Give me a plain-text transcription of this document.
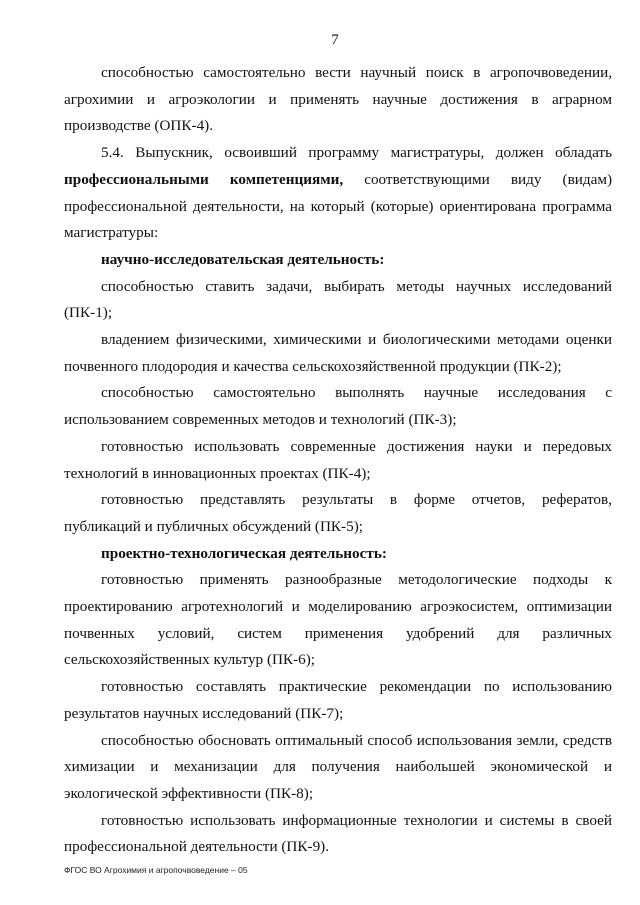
7

способностью самостоятельно вести научный поиск в агропочвоведении, агрохимии и агроэкологии и применять научные достижения в аграрном производстве (ОПК-4).

5.4. Выпускник, освоивший программу магистратуры, должен обладать профессиональными компетенциями, соответствующими виду (видам) профессиональной деятельности, на который (которые) ориентирована программа магистратуры:

научно-исследовательская деятельность:

способностью ставить задачи, выбирать методы научных исследований (ПК-1);

владением физическими, химическими и биологическими методами оценки почвенного плодородия и качества сельскохозяйственной продукции (ПК-2);

способностью самостоятельно выполнять научные исследования с использованием современных методов и технологий (ПК-3);

готовностью использовать современные достижения науки и передовых технологий в инновационных проектах (ПК-4);

готовностью представлять результаты в форме отчетов, рефератов, публикаций и публичных обсуждений (ПК-5);

проектно-технологическая деятельность:

готовностью применять разнообразные методологические подходы к проектированию агротехнологий и моделированию агроэкосистем, оптимизации почвенных условий, систем применения удобрений для различных сельскохозяйственных культур (ПК-6);

готовностью составлять практические рекомендации по использованию результатов научных исследований (ПК-7);

способностью обосновать оптимальный способ использования земли, средств химизации и механизации для получения наибольшей экономической и экологической эффективности (ПК-8);

готовностью использовать информационные технологии и системы в своей профессиональной деятельности (ПК-9).

ФГОС ВО Агрохимия и агропочвоведение – 05
